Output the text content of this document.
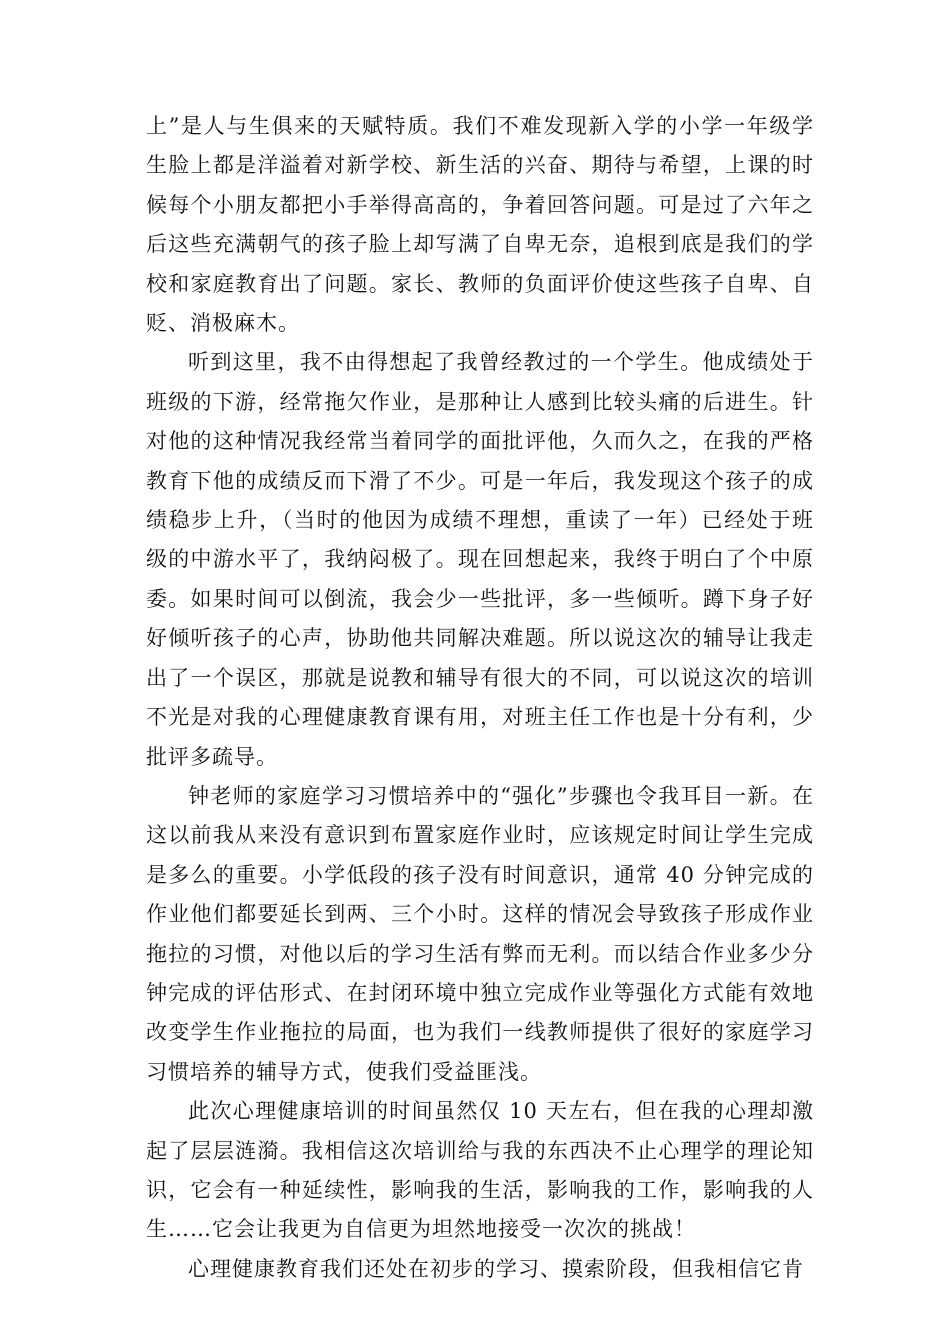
上”是人与生俱来的天赋特质。我们不难发现新入学的小学一年级学生脸上都是洋溢着对新学校、新生活的兴奋、期待与希望，上课的时候每个小朋友都把小手举得高高的，争着回答问题。可是过了六年之后这些充满朝气的孩子脸上却写满了自卑无奈，追根到底是我们的学校和家庭教育出了问题。家长、教师的负面评价使这些孩子自卑、自贬、消极麻木。

听到这里，我不由得想起了我曾经教过的一个学生。他成绩处于班级的下游，经常拖欠作业，是那种让人感到比较头痛的后进生。针对他的这种情况我经常当着同学的面批评他，久而久之，在我的严格教育下他的成绩反而下滑了不少。可是一年后，我发现这个孩子的成绩稳步上升，（当时的他因为成绩不理想，重读了一年）已经处于班级的中游水平了，我纳闷极了。现在回想起来，我终于明白了个中原委。如果时间可以倒流，我会少一些批评，多一些倾听。蹲下身子好好倾听孩子的心声，协助他共同解决难题。所以说这次的辅导让我走出了一个误区，那就是说教和辅导有很大的不同，可以说这次的培训不光是对我的心理健康教育课有用，对班主任工作也是十分有利，少批评多疏导。

钟老师的家庭学习习惯培养中的“强化”步骤也令我耳目一新。在这以前我从来没有意识到布置家庭作业时，应该规定时间让学生完成是多么的重要。小学低段的孩子没有时间意识，通常 40 分钟完成的作业他们都要延长到两、三个小时。这样的情况会导致孩子形成作业拖拉的习惯，对他以后的学习生活有弊而无利。而以结合作业多少分钟完成的评估形式、在封闭环境中独立完成作业等强化方式能有效地改变学生作业拖拉的局面，也为我们一线教师提供了很好的家庭学习习惯培养的辅导方式，使我们受益匪浅。

此次心理健康培训的时间虽然仅 10 天左右，但在我的心理却激起了层层涟漪。我相信这次培训给与我的东西决不止心理学的理论知识，它会有一种延续性，影响我的生活，影响我的工作，影响我的人生……它会让我更为自信更为坦然地接受一次次的挑战！

心理健康教育我们还处在初步的学习、摸索阶段，但我相信它肯
